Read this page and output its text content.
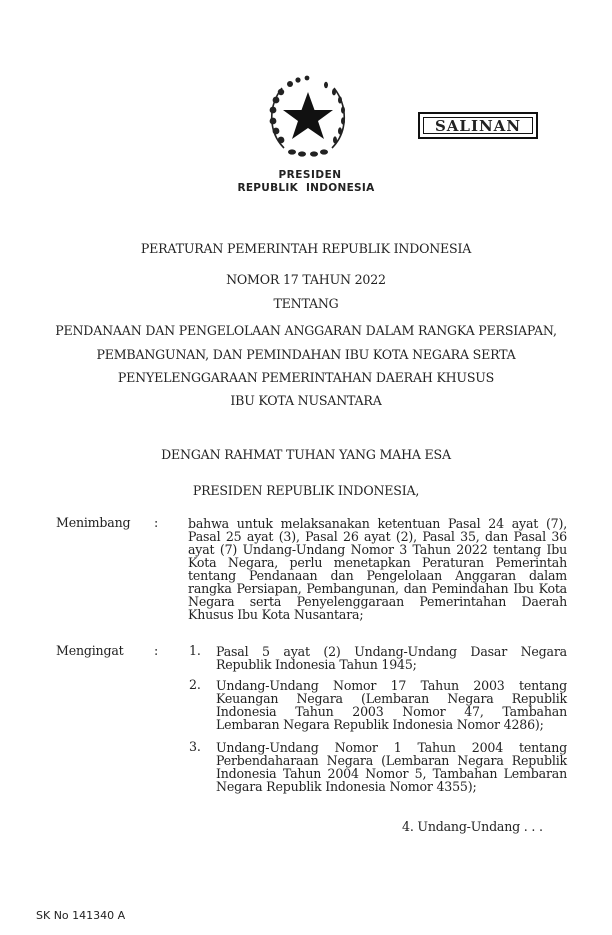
SALINAN
PRESIDEN
REPUBLIK  INDONESIA
PERATURAN PEMERINTAH REPUBLIK INDONESIA
NOMOR 17 TAHUN 2022
TENTANG
PENDANAAN DAN PENGELOLAAN ANGGARAN DALAM RANGKA PERSIAPAN,
PEMBANGUNAN, DAN PEMINDAHAN IBU KOTA NEGARA SERTA
PENYELENGGARAAN PEMERINTAHAN DAERAH KHUSUS
IBU KOTA NUSANTARA
DENGAN RAHMAT TUHAN YANG MAHA ESA
PRESIDEN REPUBLIK INDONESIA,
Menimbang : bahwa untuk melaksanakan ketentuan Pasal 24 ayat (7),
Pasal 25 ayat (3), Pasal 26 ayat (2), Pasal 35, dan Pasal 36
ayat (7) Undang-Undang Nomor 3 Tahun 2022 tentang Ibu
Kota Negara, perlu menetapkan Peraturan Pemerintah
tentang Pendanaan dan Pengelolaan Anggaran dalam
rangka Persiapan, Pembangunan, dan Pemindahan Ibu Kota
Negara serta Penyelenggaraan Pemerintahan Daerah
Khusus Ibu Kota Nusantara;
Mengingat : 1. Pasal 5 ayat (2) Undang-Undang Dasar Negara
Republik Indonesia Tahun 1945;
2. Undang-Undang Nomor 17 Tahun 2003 tentang
Keuangan Negara (Lembaran Negara Republik
Indonesia Tahun 2003 Nomor 47, Tambahan
Lembaran Negara Republik Indonesia Nomor 4286);
3. Undang-Undang Nomor 1 Tahun 2004 tentang
Perbendaharaan Negara (Lembaran Negara Republik
Indonesia Tahun 2004 Nomor 5, Tambahan Lembaran
Negara Republik Indonesia Nomor 4355);
4. Undang-Undang . . .
SK No 141340 A
